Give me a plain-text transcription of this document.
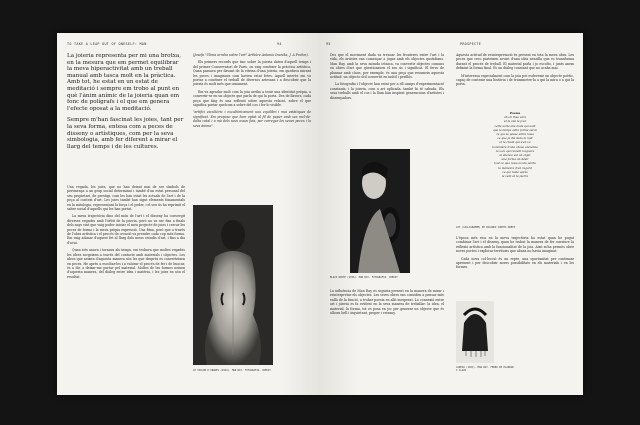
TO TAKE A LEAP OUT OF ONESELF: MAN	94

La joieria representa per mi una brotxa, en la mesura que em permet equilibrar la meva hiperactivitat amb un treball manual amb tasca molt en la pràctica. Amb tot, he estat en un estat de meditació i sempre em trobo al punt en què l'ànim anímic de la joieria quan em fonc de polígrafs i el que em genera l'efecte oposat a la meditació.

Sempre m'han fascinat les joies, tant per la seva forma, entesa com a peces de disseny o artístiques, com per la seva simbologia, amb fer diferent a mirar el llarg del temps i de les cultures.

Una vegada, les joies, que no han deixat mai de ser símbols de pertinença a un grup social determinat i també d'un estat personal del seu propietari, de prestigi, com les han estat les actuals de l'art i de la peça al context d'art. Les joies també han sigut elements fonamentals en la mitologia, representant la força i el poder, i el seu ús ha reprimit el saber social d'aquells qui les han portat.

La meva trajectòria dins del món de l'art i el disseny ha convergit diverses vegades amb l'òrbit de la joieria, però no va ser fins a finals dels anys vint que vaig poder iniciar el meu projecte de joies i cercar les peces de forma i la meva pròpia expressió. Una fitxa, però que a través de l'obra artística i el procés de creació va prendre cada cop més forma. Em vaig adonar d'aquest fet al llarg dels meus estudis d'art, i fins a dia d'avui.

Quan tots anava i tornava als temps, em trobava que moltes vegades les idees sorgeixen a través del contacte amb materials i objectes. Les idees que neixen d'aquesta manera són les que després es converteixen en peces. He après a escoltar-les i a valorar el procés de fer i de buscar, és a dir, a deixar-me portar pel material. Moltes de les formes neixen d'aquesta manera, del diàleg entre idea i matèria, i les joies en són el resultat.

(Josefa "Ulima arraha sobre l'art" Arthüre Antonio Inanika, J. A Prehm).

Els primers records que tinc sobre la joieria daten d'aquell temps i del primer Conservatori de París, on vaig conèixer la pràctica artística. Quan passava per davant de la vitrina d'una joieria, em quedava mirant les peces i imaginava com havien estat fetes. Aquell interès em va portar a conèixer el treball de diversos artesans i a descobrir que la joieria és molt més que ornament.

Em va agradar molt com la joia arriba a tenir una identitat pròpia, a convertir-se en un objecte que parla de qui la porta. Des de llavors, cada peça que faig és una reflexió sobre aquesta relació, sobre el que significa portar quelcom a sobre del cos i fer-lo visible.

"artifici escultòric i escultòricament una equilibri i mai estàtiques de significat. Em proposo que hem optat al fil de paper amb ses mel-de-dalta catal i a mà dels seus ossos feia, per carregar les seves peces i la seva ànima".

LE VIOLON D'INGRES (1924). MAN RAY. FOTOGRAFIA. CRÈDIT
95	PROSPECTE

Des que el moviment dada va trencar les fronteres entre l'art i la vida, els artistes van començar a jugar amb els objectes quotidians. Man Ray, amb la seva mirada irònica, va convertir objectes comuns en obres d'art que qüestionaven el seu ús i significat. El ferro de planxar amb claus, per exemple, és una peça que resumeix aquesta actitud: un objecte útil convertit en inútil i perillós.

La fotografia i l'objecte han estat per a ell camps d'experimentació constants, i la joieria, com a art aplicada, també hi té cabuda. Els seus treballs amb el cos i la llum han inspirat generacions d'artistes i dissenyadors.

BLACK WHITE (1926). MAN RAY. FOTOGRAFIA. CRÈDIT

La influència de Man Ray es segueix present en la manera de mirar i reinterpretar els objectes. Les seves obres ens conviden a pensar més enllà de la funció, a trobar poesia en allò inesperat. La connexió entre art i joieria es fa evident en la seva manera de treballar: la idea, el material, la forma, tot es posa en joc per generar un objecte que és alhora bell i inquietant, proper i estrany.

Aquesta actitud de reinterpretació és present en tota la meva obra. Les peces que creo parteixen sovint d'una idea senzilla que es transforma durant el procés de treball. El material parla i jo escolto, i junts anem definint la forma final. És un diàleg constant que no acaba mai.

M'interessa especialment com la joia pot esdevenir un objecte poètic, capaç de contenir una història i de transmetre-la a qui la mira o a qui la porta.

Poema
ah oh thee vers
et le ciel le jour
cette sorte des mots qui sont
que le temps cette forme est la
ce qui se passe entre nous
ce que je dis dans la nuit
et le chant qui s'en va
la lumière d'une chose ancienne
la voix qui revient toujours
le silence est un objet
une forme un désir
tout ce que nous avons perdu
la mémoire d'un regard
ce qui reste après
le vent et la pierre
LOT (CALLIGRAMME) DE RICARDO CORTEZ DRETE

L'època més rica en la meva trajectòria ha estat quan he pogut combinar l'art i el disseny, quan he trobat la manera de fer conviure la reflexió artística amb la funcionalitat de la joia. Això m'ha permès obrir noves portes i explorar territoris que abans no havia imaginat.

Cada nova col·lecció és un repte, una oportunitat per continuar aprenent i per descobrir noves possibilitats en els materials i en les formes.

CADEAU (1921). MAN RAY. FERRO DE PLANXAR I CLAUS
